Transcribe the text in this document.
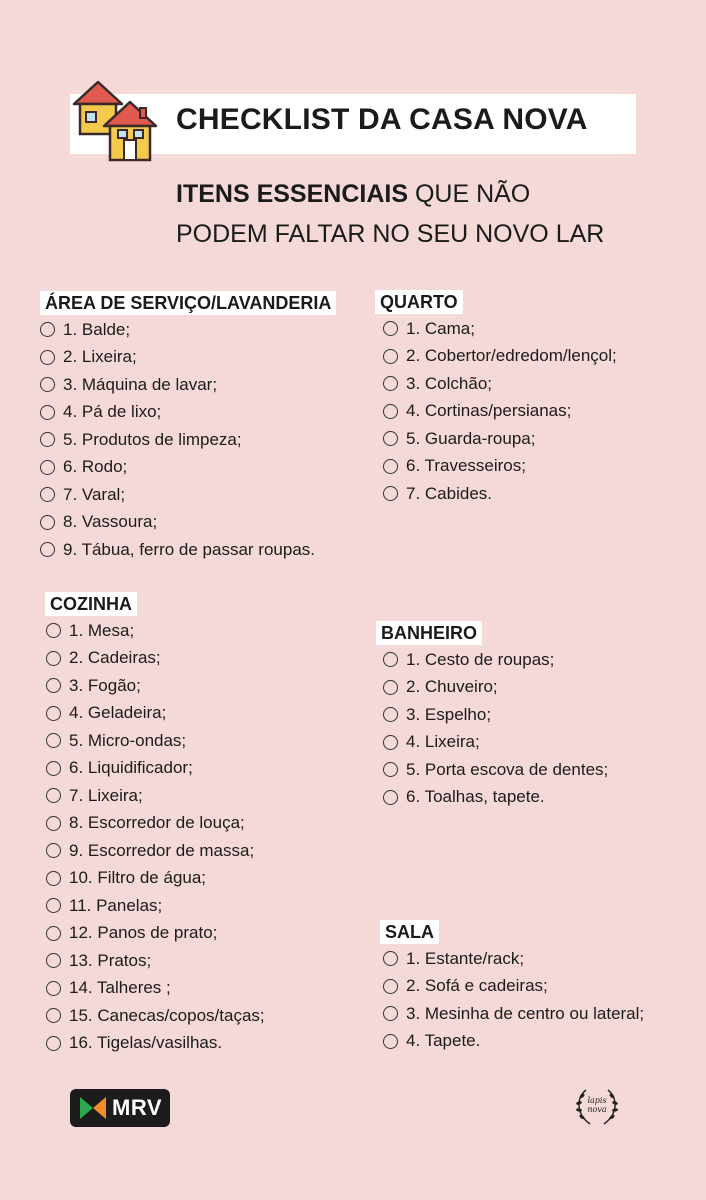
CHECKLIST DA CASA NOVA
ITENS ESSENCIAIS QUE NÃO
PODEM FALTAR NO SEU NOVO LAR
ÁREA DE SERVIÇO/LAVANDERIA
1. Balde;
2. Lixeira;
3. Máquina de lavar;
4. Pá de lixo;
5. Produtos de limpeza;
6. Rodo;
7. Varal;
8. Vassoura;
9. Tábua, ferro de passar roupas.
QUARTO
1. Cama;
2. Cobertor/edredom/lençol;
3. Colchão;
4. Cortinas/persianas;
5. Guarda-roupa;
6. Travesseiros;
7. Cabides.
COZINHA
1. Mesa;
2. Cadeiras;
3. Fogão;
4. Geladeira;
5. Micro-ondas;
6. Liquidificador;
7. Lixeira;
8. Escorredor de louça;
9. Escorredor de massa;
10. Filtro de água;
11. Panelas;
12. Panos de prato;
13. Pratos;
14. Talheres ;
15. Canecas/copos/taças;
16. Tigelas/vasilhas.
BANHEIRO
1. Cesto de roupas;
2. Chuveiro;
3. Espelho;
4. Lixeira;
5. Porta escova de dentes;
6. Toalhas, tapete.
SALA
1. Estante/rack;
2. Sofá e cadeiras;
3. Mesinha de centro ou lateral;
4. Tapete.
MRV	lapis
nova
